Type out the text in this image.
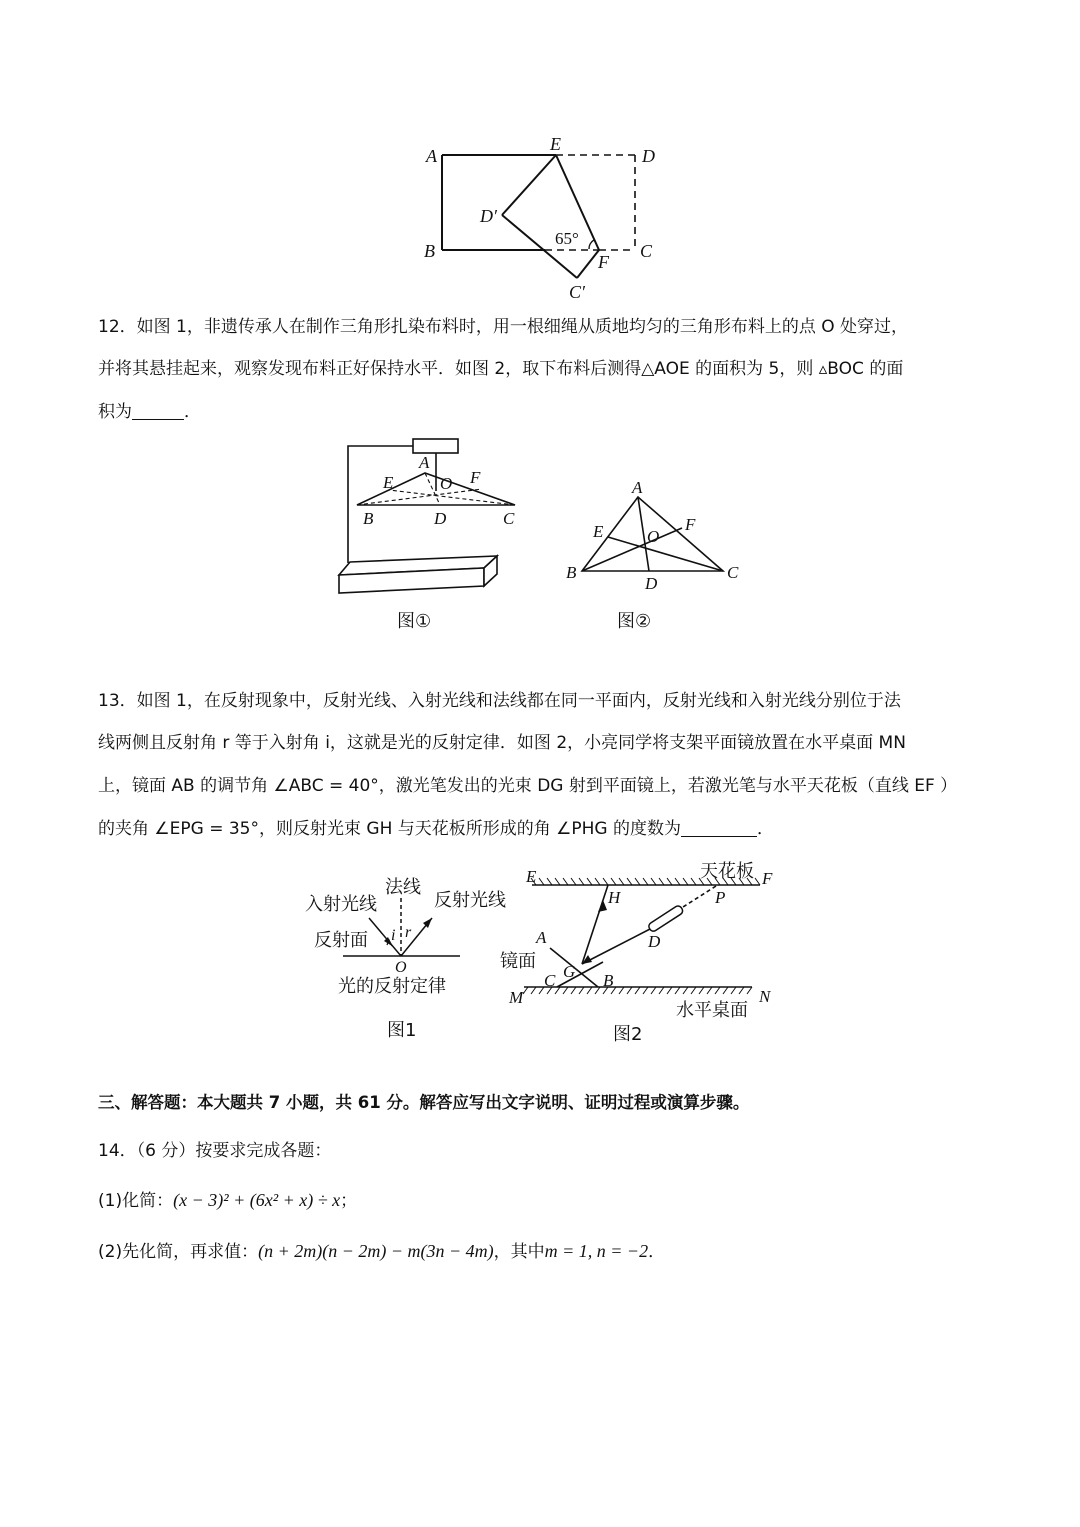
A
E
D
D′
B	C
F
C′
65°

12．如图 1，非遗传承人在制作三角形扎染布料时，用一根细绳从质地均匀的三角形布料上的点 O 处穿过，

并将其悬挂起来，观察发现布料正好保持水平．如图 2，取下布料后测得△AOE 的面积为 5，则 ▵BOC 的面

积为	．

A
E	O F
B	D	C
图①
A
E	O
F
B
D
C
图②

13．如图 1，在反射现象中，反射光线、入射光线和法线都在同一平面内，反射光线和入射光线分别位于法

线两侧且反射角 r 等于入射角 i，这就是光的反射定律．如图 2，小亮同学将支架平面镜放置在水平桌面 MN

上，镜面 AB 的调节角 ∠ABC = 40°，激光笔发出的光束 DG 射到平面镜上，若激光笔与水平天花板（直线 EF ）

的夹角 ∠EPG = 35°，则反射光束 GH 与天花板所形成的角 ∠PHG 的度数为	．

入射光线
法线
反射光线
反射面 i r
O
光的反射定律
图1
E	天花板 F
H	P
A	D
镜面
C G B
M	N
水平桌面
图2

三、解答题：本大题共 7 小题，共 61 分。解答应写出文字说明、证明过程或演算步骤。

14．（6 分）按要求完成各题：

(1)化简：(x − 3)² + (6x² + x) ÷ x；

(2)先化简，再求值：(n + 2m)(n − 2m) − m(3n − 4m)，其中m = 1, n = −2．
